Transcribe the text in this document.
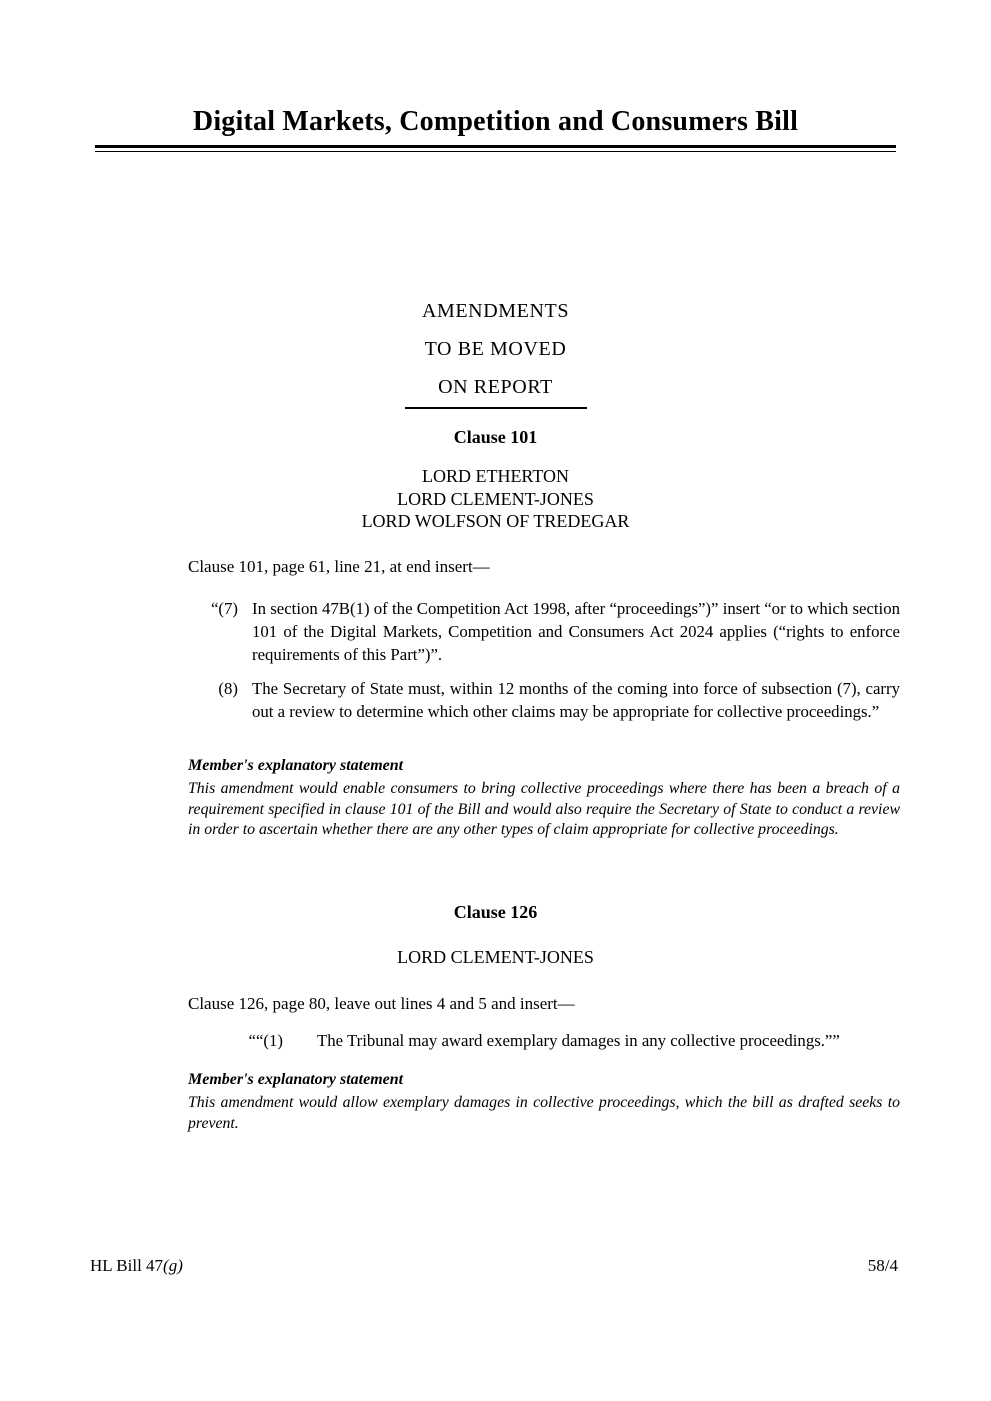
Digital Markets, Competition and Consumers Bill
AMENDMENTS
TO BE MOVED
ON REPORT
Clause 101
LORD ETHERTON
LORD CLEMENT-JONES
LORD WOLFSON OF TREDEGAR
Clause 101, page 61, line 21, at end insert—
“(7) In section 47B(1) of the Competition Act 1998, after “proceedings”)” insert “or to which section 101 of the Digital Markets, Competition and Consumers Act 2024 applies (“rights to enforce requirements of this Part”)”.
(8) The Secretary of State must, within 12 months of the coming into force of subsection (7), carry out a review to determine which other claims may be appropriate for collective proceedings.”
Member's explanatory statement
This amendment would enable consumers to bring collective proceedings where there has been a breach of a requirement specified in clause 101 of the Bill and would also require the Secretary of State to conduct a review in order to ascertain whether there are any other types of claim appropriate for collective proceedings.
Clause 126
LORD CLEMENT-JONES
Clause 126, page 80, leave out lines 4 and 5 and insert—
““(1) The Tribunal may award exemplary damages in any collective proceedings.””
Member's explanatory statement
This amendment would allow exemplary damages in collective proceedings, which the bill as drafted seeks to prevent.
HL Bill 47(g)	58/4
